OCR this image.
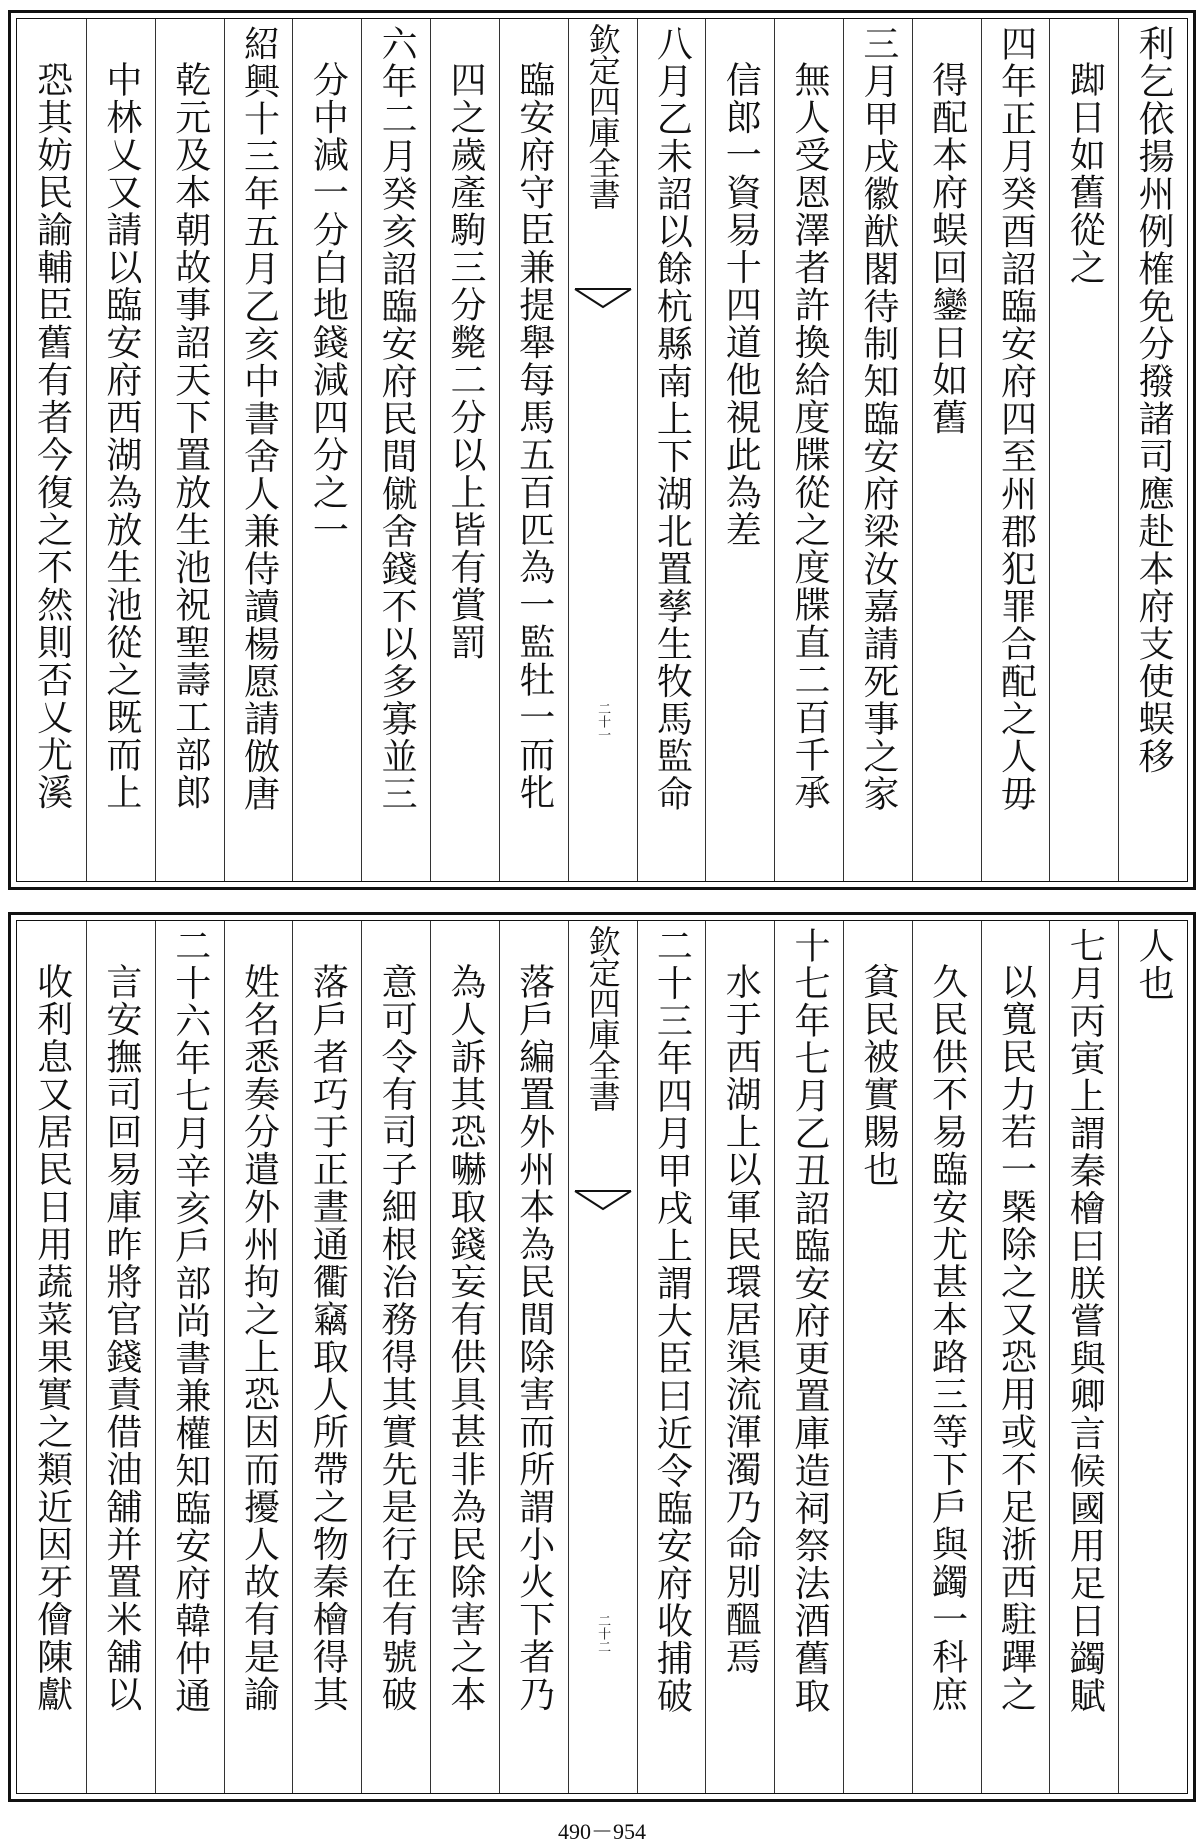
利乞依揚州例榷免分撥諸司應赴本府支使蜈移
踋日如舊從之
四年正月癸酉詔臨安府四至州郡犯罪合配之人毋
得配本府蜈回鑾日如舊
三月甲戌徽猷閣待制知臨安府梁汝嘉請死事之家
無人受恩澤者許換給度牒從之度牒直二百千承
信郎一資易十四道他視此為差
八月乙未詔以餘杭縣南上下湖北置孳生牧馬監命
欽定四庫全書
二十一
臨安府守臣兼提舉每馬五百匹為一監牡一而牝
四之歲產駒三分斃二分以上皆有賞罰
六年二月癸亥詔臨安府民間僦舍錢不以多寡並三
分中減一分白地錢減四分之一
紹興十三年五月乙亥中書舍人兼侍讀楊愿請倣唐
乾元及本朝故事詔天下置放生池祝聖壽工部郎
中林乂又請以臨安府西湖為放生池從之既而上
恐其妨民諭輔臣舊有者今復之不然則否乂尤溪
人也
七月丙寅上謂秦檜曰朕嘗與卿言候國用足日蠲賦
以寬民力若一槩除之又恐用或不足浙西駐蹕之
久民供不易臨安尤甚本路三等下戶與蠲一科庶
貧民被實賜也
十七年七月乙丑詔臨安府更置庫造祠祭法酒舊取
水于西湖上以軍民環居渠流渾濁乃命別醞焉
二十三年四月甲戌上謂大臣曰近令臨安府收捕破
欽定四庫全書
二十二
落戶編置外州本為民間除害而所謂小火下者乃
為人訴其恐嚇取錢妄有供具甚非為民除害之本
意可令有司子細根治務得其實先是行在有號破
落戶者巧于正晝通衢竊取人所帶之物秦檜得其
姓名悉奏分遣外州拘之上恐因而擾人故有是諭
二十六年七月辛亥戶部尚書兼權知臨安府韓仲通
言安撫司回易庫昨將官錢責借油舖并置米舖以
收利息又居民日用蔬菜果實之類近因牙儈陳獻
490－954
